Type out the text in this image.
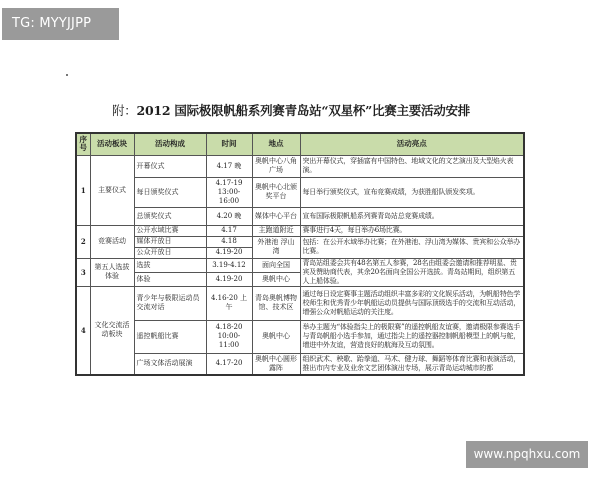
TG: MYYJJPP
附：2012 国际极限帆船系列赛青岛站“双星杯”比赛主要活动安排
序号	活动板块	活动构成	时间	地点	活动亮点
1	主要仪式	开幕仪式	4.17 晚	奥帆中心八角广场	突出开幕仪式，穿插富有中国特色、地域文化的文艺演出及大型焰火表演。
		每日颁奖仪式	4.17-19 13:00-16:00	奥帆中心北颁奖平台	每日举行颁奖仪式，宣布竞赛成绩，为获胜船队颁发奖项。
		总颁奖仪式	4.20 晚	媒体中心平台	宣布国际极限帆船系列赛青岛站总竞赛成绩。
2	竞赛活动	公开水域比赛	4.17	主跑道附近	赛事进行4天，每日举办6场比赛。
		媒体开放日	4.18	外港池 浮山湾	包括：在公开水域举办比赛；在外港池、浮山湾为媒体、贵宾和公众举办比赛。
		公众开放日	4.19-20		
3	第五人选拔体验	选拔	3.19-4.12	面向全国	青岛站组委会共有48名第五人参赛，28名由组委会邀请和推荐明星、贵宾及赞助商代表，其余20名面向全国公开选拔。青岛站期间，组织第五人上船体验。
		体验	4.19-20	奥帆中心	
4	文化交流活动板块	青少年与极限运动员交流对话	4.16-20 上午	青岛奥帆博物馆、技术区	通过每日设定赛事主题活动组织丰富多彩的文化娱乐活动，为帆船特色学校师生和优秀青少年帆船运动员提供与国际顶级选手的交流和互动活动，增强公众对帆船运动的关注度。
		遥控帆船比赛	4.18-20 10:00-11:00	奥帆中心	举办主题为“体验指尖上的极限赛”的遥控帆船友谊赛，邀请极限参赛选手与青岛帆船小选手参加，通过指尖上的遥控器控制帆船模型上的帆与舵，增进中外友谊，营造良好的航海及互动氛围。
		广场文体活动展演	4.17-20	奥帆中心圆形露阵	组织武术、秧歌、跆拳道、马术、健力球、舞蹈等体育比赛和表演活动，推出市内专业及业余文艺团体演出专场，展示青岛运动城市的都
www.npqhxu.com
